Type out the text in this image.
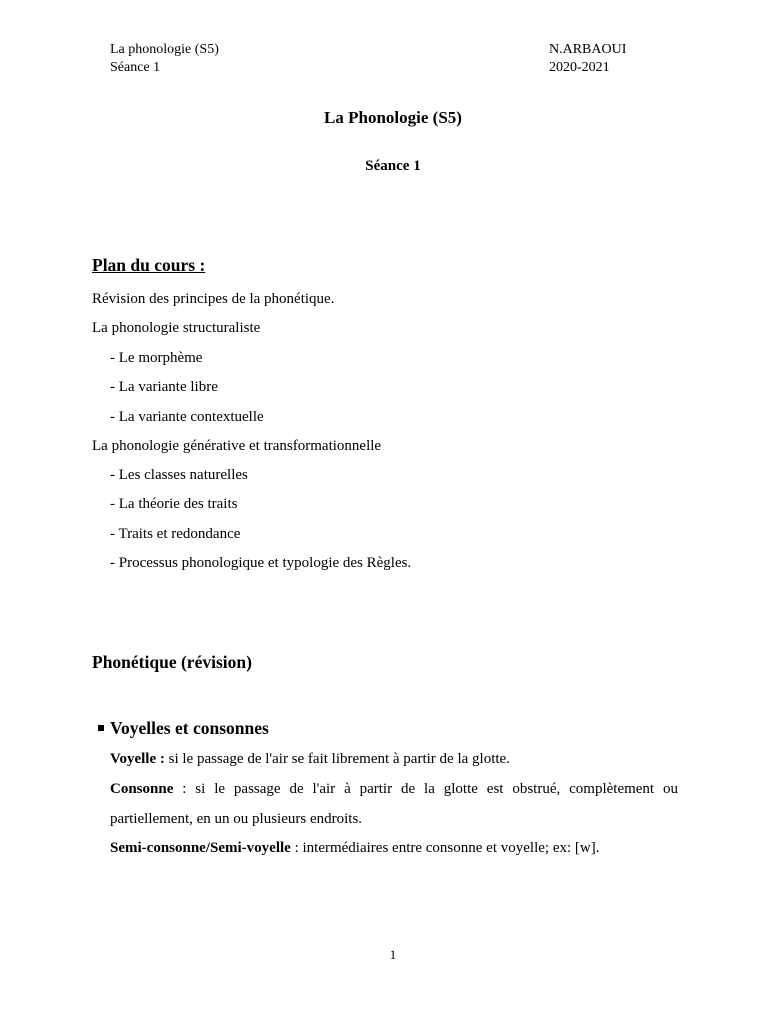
La phonologie (S5)
Séance 1
N.ARBAOUI
2020-2021
La Phonologie (S5)
Séance 1
Plan du cours :
Révision des principes de la phonétique.
La phonologie structuraliste
- Le morphème
- La variante libre
- La variante contextuelle
La phonologie générative et transformationnelle
- Les classes naturelles
- La théorie des traits
- Traits et redondance
- Processus phonologique et typologie des Règles.
Phonétique (révision)
Voyelles et consonnes
Voyelle : si le passage de l'air se fait librement à partir de la glotte.
Consonne : si le passage de l'air à partir de la glotte est obstrué, complètement ou partiellement, en un ou plusieurs endroits.
Semi-consonne/Semi-voyelle : intermédiaires entre consonne et voyelle; ex: [w].
1
